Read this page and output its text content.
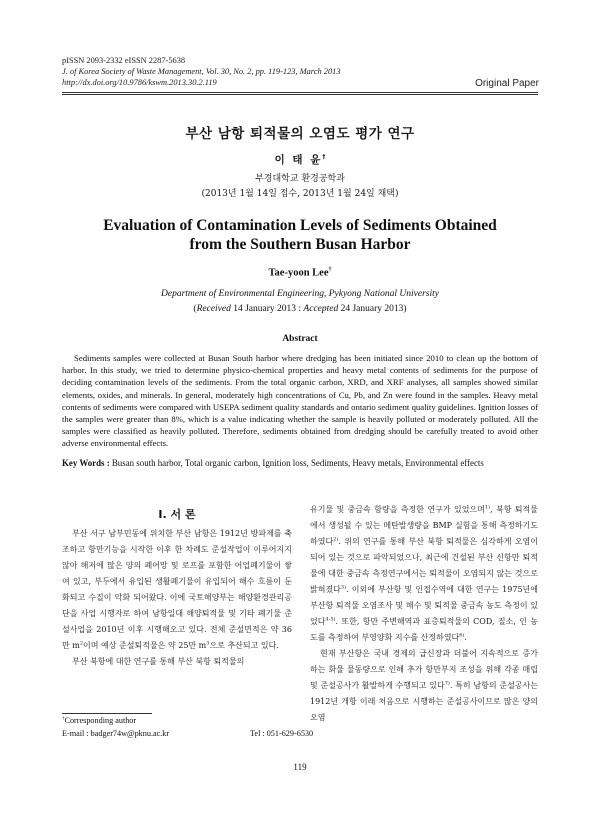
pISSN 2093-2332 eISSN 2287-5638
J. of Korea Society of Waste Management, Vol. 30, No. 2, pp. 119-123, March 2013
http://dx.doi.org/10.9786/kswm.2013.30.2.119	Original Paper
부산 남항 퇴적물의 오염도 평가 연구
이 태 윤†
부경대학교 환경공학과
(2013년 1월 14일 접수, 2013년 1월 24일 채택)
Evaluation of Contamination Levels of Sediments Obtained
from the Southern Busan Harbor
Tae-yoon Lee†
Department of Environmental Engineering, Pykyong National University
(Received 14 January 2013 : Accepted 24 January 2013)
Abstract
Sediments samples were collected at Busan South harbor where dredging has been initiated since 2010 to clean up the bottom of harbor. In this study, we tried to determine physico-chemical properties and heavy metal contents of sediments for the purpose of deciding contamination levels of the sediments. From the total organic carbon, XRD, and XRF analyses, all samples showed similar elements, oxides, and minerals. In general, moderately high concentrations of Cu, Pb, and Zn were found in the samples. Heavy metal contents of sediments were compared with USEPA sediment quality standards and ontario sediment quality guidelines. Ignition losses of the samples were greater than 8%, which is a value indicating whether the sample is heavily polluted or moderately polluted. All the samples were classified as heavily polluted. Therefore, sediments obtained from dredging should be carefully treated to avoid other adverse environmental effects.
Key Words : Busan south harbor, Total organic carbon, Ignition loss, Sediments, Heavy metals, Environmental effects
I. 서 론

부산 서구 남부민동에 위치한 부산 남항은 1912년 방파제를 축조하고 항만기능을 시작한 이후 한 차례도 준설작업이 이루어지지 않아 해저에 많은 양의 폐어망 및 로프를 포함한 어업폐기물이 쌓여 있고, 부두에서 유입된 생활폐기물이 유입되어 해수 흐름이 둔화되고 수질이 악화 되어왔다. 이에 국토해양부는 해양환경관리공단을 사업 시행자로 하여 남항일대 해양퇴적물 및 기타 폐기물 준설사업을 2010년 이후 시행해오고 있다. 전체 준설면적은 약 36만 $m^2$이며 예상 준설퇴적물은 약 25만 $m^3$으로 추산되고 있다.

부산 북항에 대한 연구를 통해 부산 북항 퇴적물의

유기물 및 중금속 함량을 측정한 연구가 있었으며$^{1)}$, 북항 퇴적물에서 생성될 수 있는 메탄발생량을 BMP 실험을 통해 측정하기도 하였다$^{2)}$. 위의 연구를 통해 부산 북항 퇴적물은 심각하게 오염이 되어 있는 것으로 파악되었으나, 최근에 건설된 부산 신항만 퇴적물에 대한 중금속 측정연구에서는 퇴적물이 오염되지 않는 것으로 밝혀졌다$^{3)}$. 이외에 부산항 및 인접수역에 대한 연구는 1975년에 부산항 퇴적물 오염조사 및 해수 및 퇴적물 중금속 농도 측정이 있었다$^{4-5)}$. 또한, 항만 주변해역과 표층퇴적물의 COD, 질소, 인 농도를 측정하여 부영양화 지수를 산정하였다$^{6)}$.

현재 부산항은 국내 경제의 급신장과 더불어 지속적으로 증가하는 화물 물동량으로 인해 추가 항만부지 조성을 위해 각종 매립 및 준설공사가 활발하게 수행되고 있다$^{7)}$. 특히 남항의 준설공사는 1912년 개항 이래 처음으로 시행하는 준설공사이므로 많은 양의 오염

†Corresponding author
E-mail : badger74w@pknu.ac.kr	Tel : 051-629-6530
119
